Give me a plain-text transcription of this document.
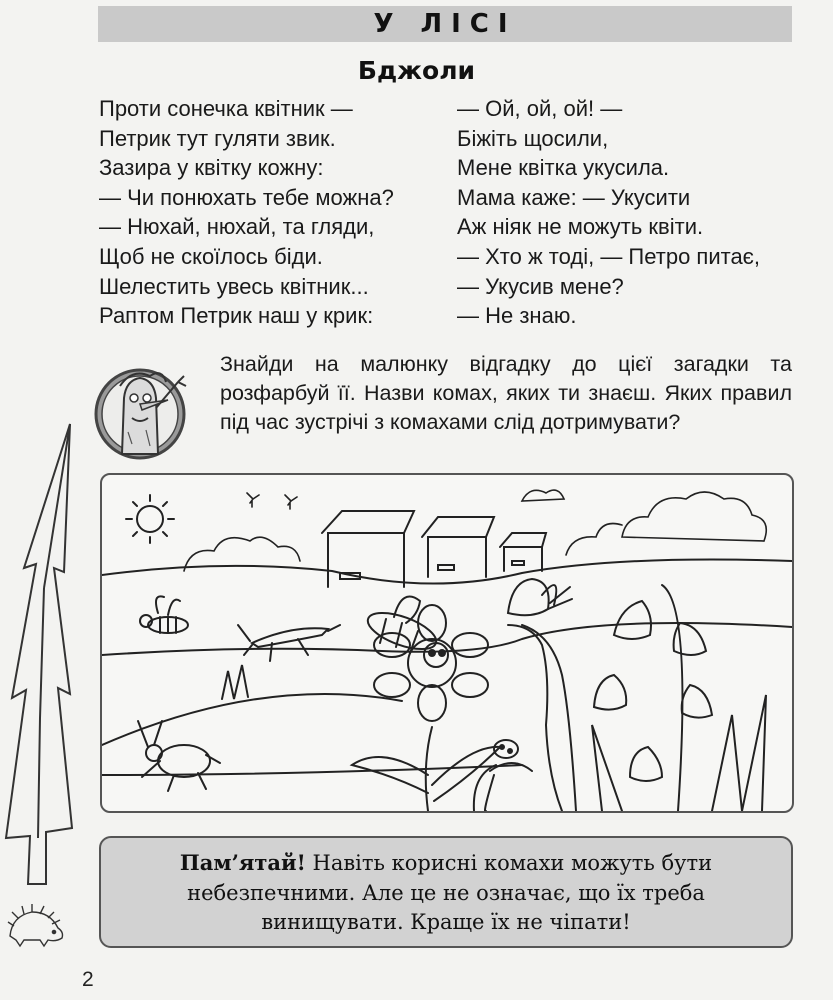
У ЛІСІ
Бджоли
Проти сонечка квітник —
Петрик тут гуляти звик.
Зазира у квітку кожну:
— Чи понюхать тебе можна?
— Нюхай, нюхай, та гляди,
Щоб не скоїлось біди.
Шелестить увесь квітник...
Раптом Петрик наш у крик:
— Ой, ой, ой! —
Біжіть щосили,
Мене квітка укусила.
Мама каже: — Укусити
Аж ніяк не можуть квіти.
— Хто ж тоді, — Петро питає,
— Укусив мене?
— Не знаю.
Знайди на малюнку відгадку до цієї загадки та розфарбуй її. Назви комах, яких ти знаєш. Яких правил під час зустрічі з комахами слід дотримувати?
Пам’ятай! Навіть корисні комахи можуть бути небезпечними. Але це не означає, що їх треба винищувати. Краще їх не чіпати!
2
